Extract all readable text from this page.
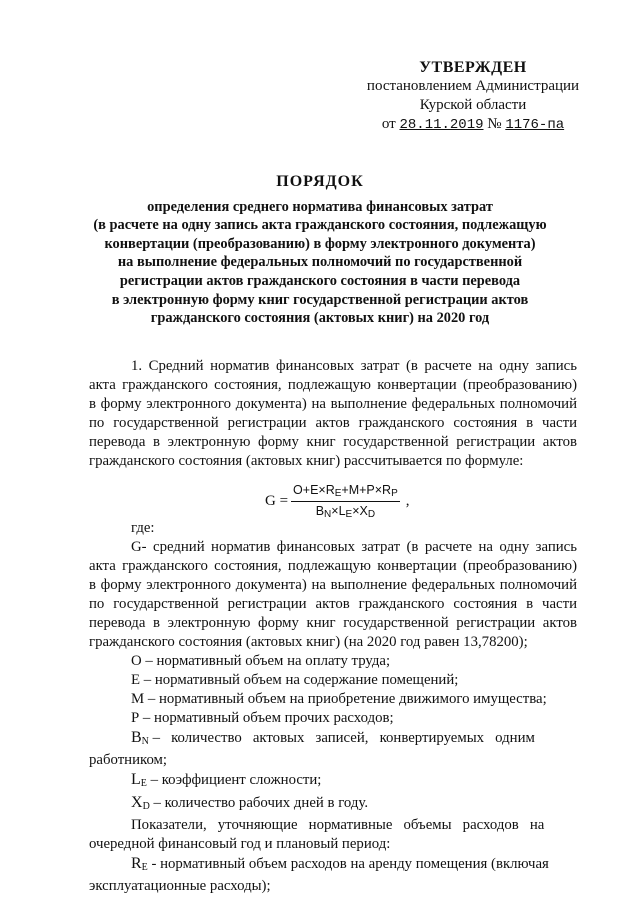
УТВЕРЖДЕН
постановлением Администрации
Курской области
от 28.11.2019 № 1176-па
ПОРЯДОК
определения среднего норматива финансовых затрат
(в расчете на одну запись акта гражданского состояния, подлежащую
конвертации (преобразованию) в форму электронного документа)
на выполнение федеральных полномочий по государственной
регистрации актов гражданского состояния в части перевода
в электронную форму книг государственной регистрации актов
гражданского состояния (актовых книг) на 2020 год
1. Средний норматив финансовых затрат (в расчете на одну запись
акта гражданского состояния, подлежащую конвертации (преобразованию)
в форму электронного документа) на выполнение федеральных полномочий
по государственной регистрации актов гражданского состояния в части
перевода в электронную форму книг государственной регистрации актов
гражданского состояния (актовых книг) рассчитывается по формуле:
$G = \frac{O+E\times R_E+M+P\times R_P}{B_N\times L_E\times X_D}$ ,
где:
G- средний норматив финансовых затрат (в расчете на одну запись
акта гражданского состояния, подлежащую конвертации (преобразованию)
в форму электронного документа) на выполнение федеральных полномочий
по государственной регистрации актов гражданского состояния в части
перевода в электронную форму книг государственной регистрации актов
гражданского состояния (актовых книг) (на 2020 год равен 13,78200);
О – нормативный объем на оплату труда;
Е – нормативный объем на содержание помещений;
М – нормативный объем на приобретение движимого имущества;
Р – нормативный объем прочих расходов;
$B_N$ –   количество   актовых   записей,   конвертируемых   одним
работником;
$L_E$ – коэффициент сложности;
$X_D$ – количество рабочих дней в году.
Показатели,   уточняющие   нормативные   объемы   расходов   на
очередной финансовый год и плановый период:
$R_E$ - нормативный объем расходов на аренду помещения (включая
эксплуатационные расходы);
